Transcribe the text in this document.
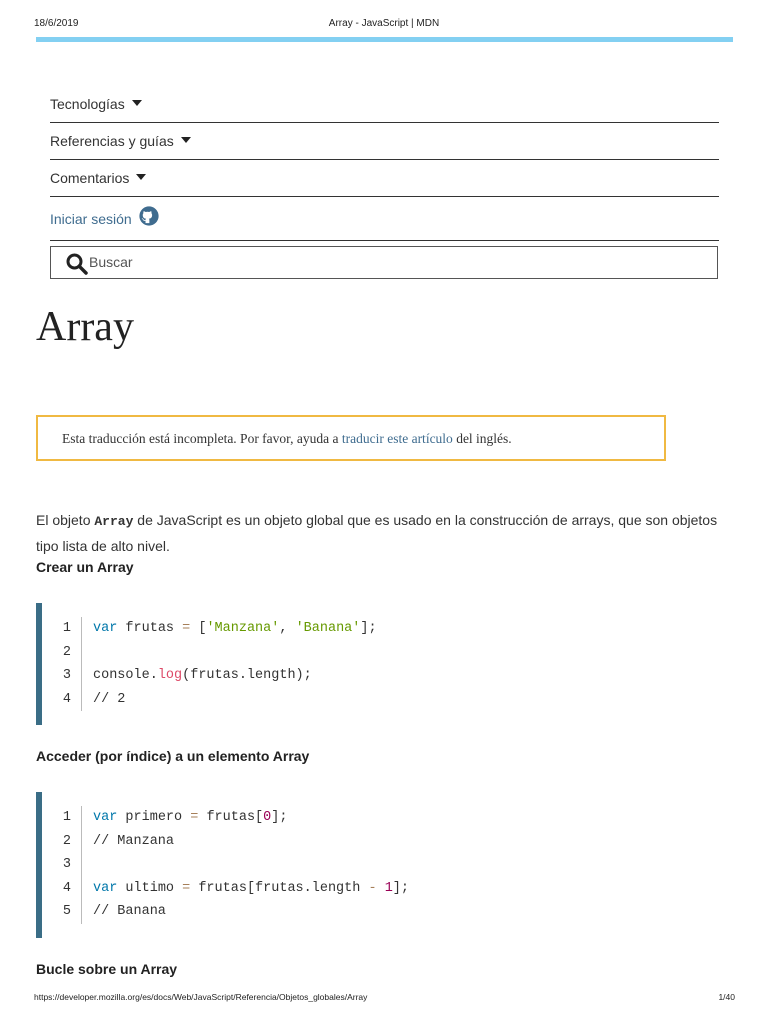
18/6/2019	Array - JavaScript | MDN
Tecnologías
Referencias y guías
Comentarios
Iniciar sesión
Buscar
Array

Esta traducción está incompleta. Por favor, ayuda a traducir este artículo del inglés.

El objeto Array de JavaScript es un objeto global que es usado en la construcción de arrays, que son objetos tipo lista de alto nivel.

Crear un Array
1	var frutas = ['Manzana', 'Banana'];
2
3	console.log(frutas.length);
4	// 2
Acceder (por índice) a un elemento Array
1	var primero = frutas[0];
2	// Manzana
3
4	var ultimo = frutas[frutas.length - 1];
5	// Banana
Bucle sobre un Array
https://developer.mozilla.org/es/docs/Web/JavaScript/Referencia/Objetos_globales/Array	1/40
